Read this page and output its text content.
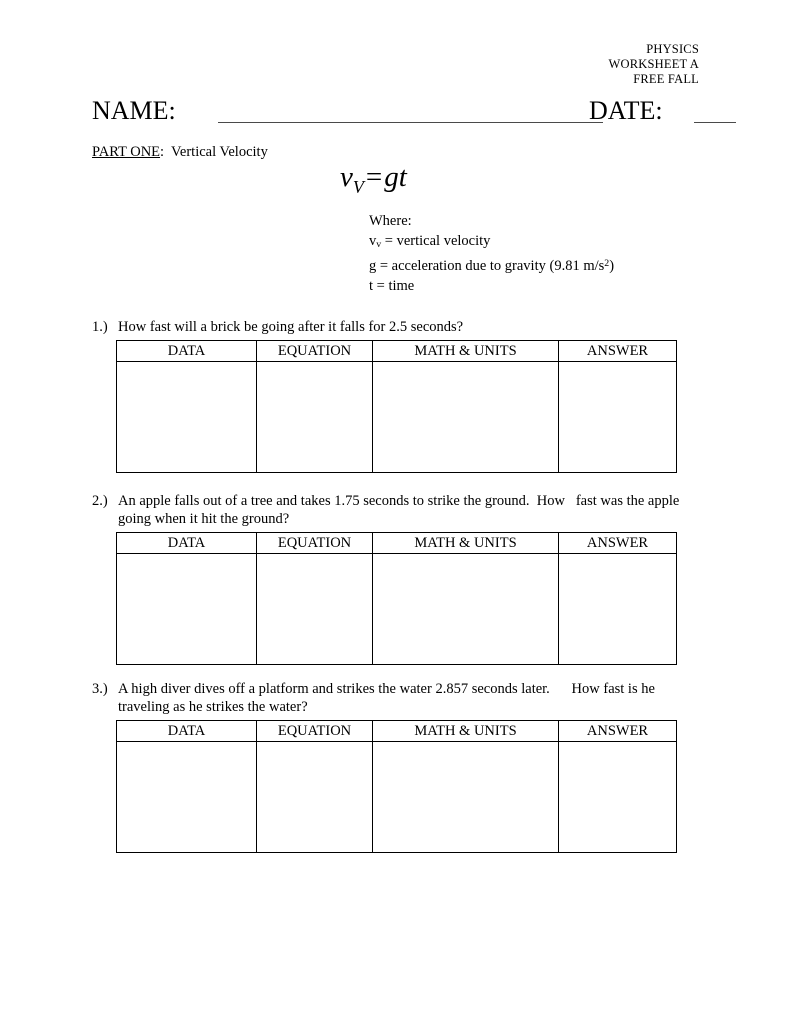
PHYSICS
WORKSHEET A
FREE FALL
NAME:	DATE:
PART ONE:  Vertical Velocity
$v_V=gt$
Where:
$v_v$ = vertical velocity
g = acceleration due to gravity (9.81 $m/s^2$)
t = time

1.) How fast will a brick be going after it falls for 2.5 seconds?

DATA	EQUATION	MATH & UNITS	ANSWER

2.) An apple falls out of a tree and takes 1.75 seconds to strike the ground.  How   fast was the apple going when it hit the ground?

DATA	EQUATION	MATH & UNITS	ANSWER

3.) A high diver dives off a platform and strikes the water 2.857 seconds later.      How fast is he traveling as he strikes the water?

DATA	EQUATION	MATH & UNITS	ANSWER
